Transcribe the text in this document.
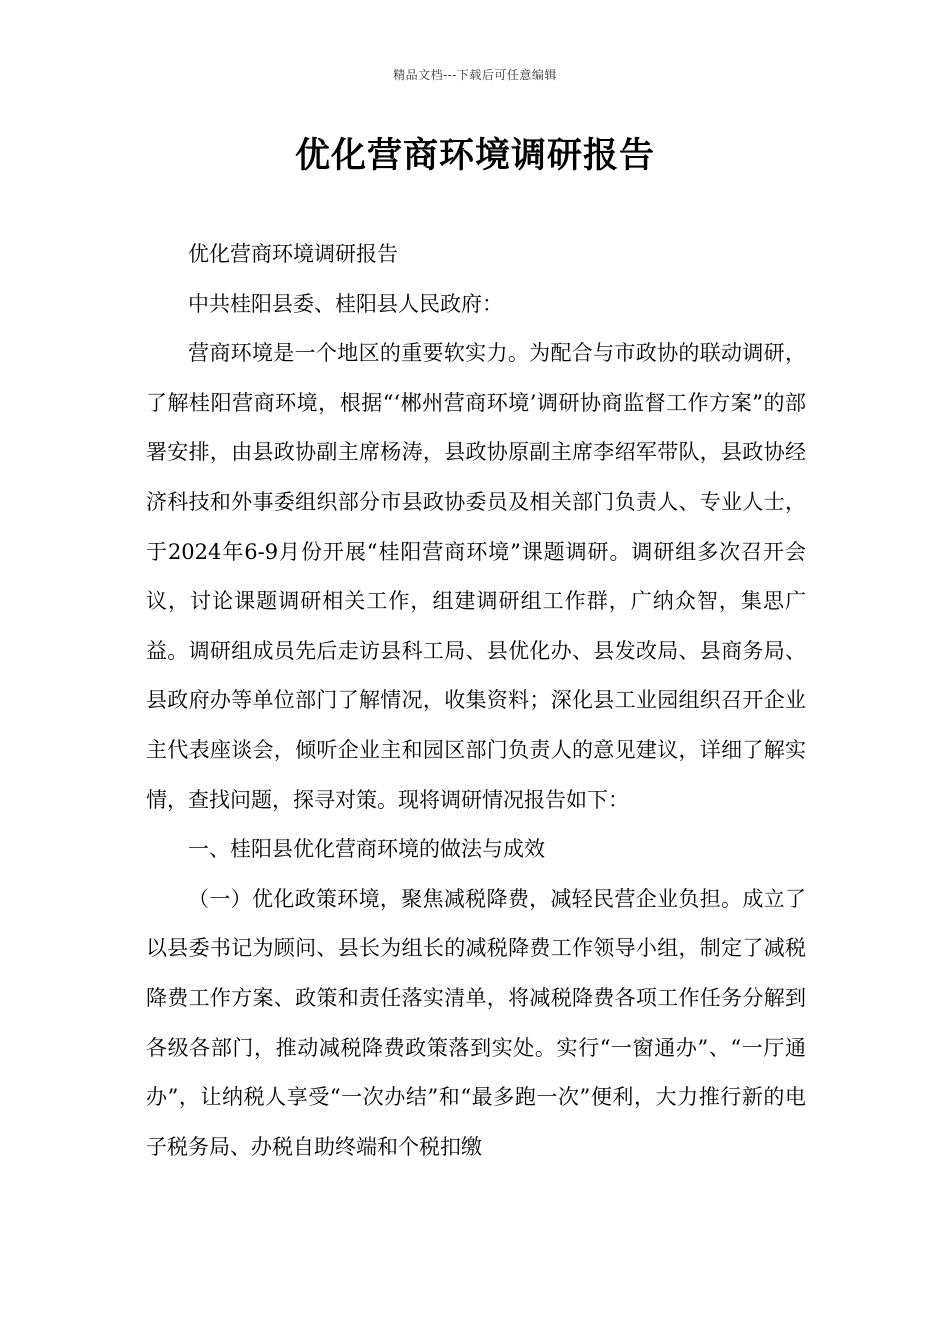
精品文档---下载后可任意编辑
优化营商环境调研报告

优化营商环境调研报告

中共桂阳县委、桂阳县人民政府：

营商环境是一个地区的重要软实力。为配合与市政协的联动调研，了解桂阳营商环境，根据“‘郴州营商环境’调研协商监督工作方案”的部署安排，由县政协副主席杨涛，县政协原副主席李绍军带队，县政协经济科技和外事委组织部分市县政协委员及相关部门负责人、专业人士，于2024年6-9月份开展“桂阳营商环境”课题调研。调研组多次召开会议，讨论课题调研相关工作，组建调研组工作群，广纳众智，集思广益。调研组成员先后走访县科工局、县优化办、县发改局、县商务局、县政府办等单位部门了解情况，收集资料；深化县工业园组织召开企业主代表座谈会，倾听企业主和园区部门负责人的意见建议，详细了解实情，查找问题，探寻对策。现将调研情况报告如下：

一、桂阳县优化营商环境的做法与成效

（一）优化政策环境，聚焦减税降费，减轻民营企业负担。成立了以县委书记为顾问、县长为组长的减税降费工作领导小组，制定了减税降费工作方案、政策和责任落实清单，将减税降费各项工作任务分解到各级各部门，推动减税降费政策落到实处。实行“一窗通办”、“一厅通办”，让纳税人享受“一次办结”和“最多跑一次”便利，大力推行新的电子税务局、办税自助终端和个税扣缴
